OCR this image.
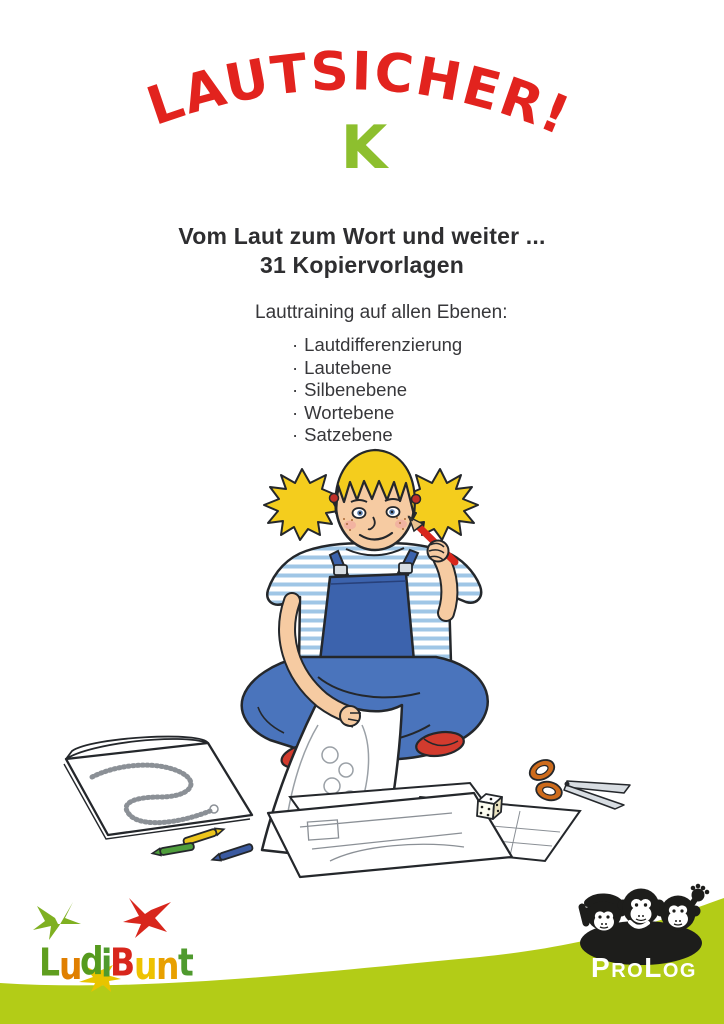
LAUTSICHER!
K
Vom Laut zum Wort und weiter ...
31 Kopiervorlagen
Lauttraining auf allen Ebenen:
· Lautdifferenzierung
· Lautebene
· Silbenebene
· Wortebene
· Satzebene
ProLog
L u d i B u n t
